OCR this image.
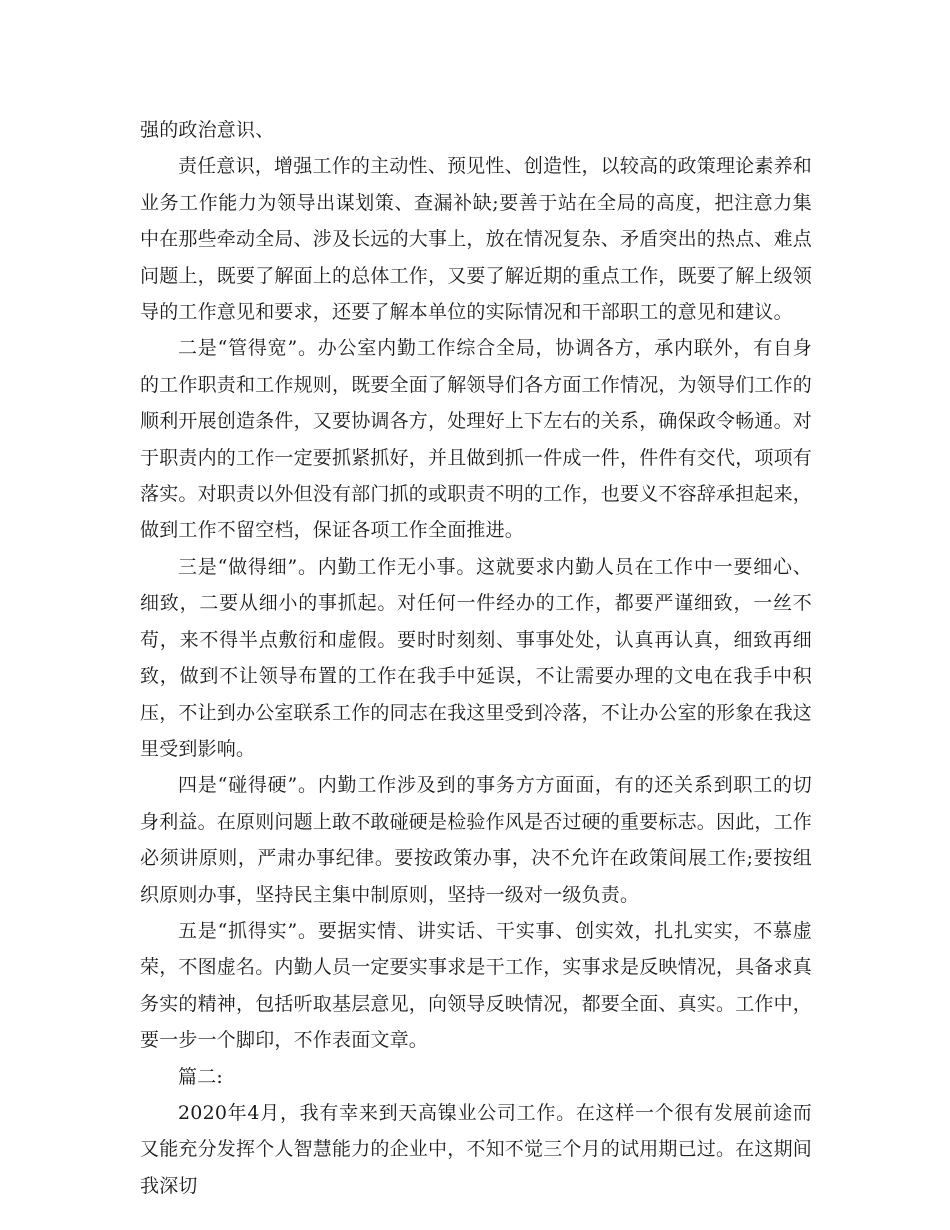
强的政治意识、

责任意识，增强工作的主动性、预见性、创造性，以较高的政策理论素养和业务工作能力为领导出谋划策、查漏补缺;要善于站在全局的高度，把注意力集中在那些牵动全局、涉及长远的大事上，放在情况复杂、矛盾突出的热点、难点问题上，既要了解面上的总体工作，又要了解近期的重点工作，既要了解上级领导的工作意见和要求，还要了解本单位的实际情况和干部职工的意见和建议。

二是“管得宽”。办公室内勤工作综合全局，协调各方，承内联外，有自身的工作职责和工作规则，既要全面了解领导们各方面工作情况，为领导们工作的顺利开展创造条件，又要协调各方，处理好上下左右的关系，确保政令畅通。对于职责内的工作一定要抓紧抓好，并且做到抓一件成一件，件件有交代，项项有落实。对职责以外但没有部门抓的或职责不明的工作，也要义不容辞承担起来，做到工作不留空档，保证各项工作全面推进。

三是“做得细”。内勤工作无小事。这就要求内勤人员在工作中一要细心、细致，二要从细小的事抓起。对任何一件经办的工作，都要严谨细致，一丝不苟，来不得半点敷衍和虚假。要时时刻刻、事事处处，认真再认真，细致再细致，做到不让领导布置的工作在我手中延误，不让需要办理的文电在我手中积压，不让到办公室联系工作的同志在我这里受到冷落，不让办公室的形象在我这里受到影响。

四是“碰得硬”。内勤工作涉及到的事务方方面面，有的还关系到职工的切身利益。在原则问题上敢不敢碰硬是检验作风是否过硬的重要标志。因此，工作必须讲原则，严肃办事纪律。要按政策办事，决不允许在政策间展工作;要按组织原则办事，坚持民主集中制原则，坚持一级对一级负责。

五是“抓得实”。要据实情、讲实话、干实事、创实效，扎扎实实，不慕虚荣，不图虚名。内勤人员一定要实事求是干工作，实事求是反映情况，具备求真务实的精神，包括听取基层意见，向领导反映情况，都要全面、真实。工作中，要一步一个脚印，不作表面文章。

篇二:

2020年4月，我有幸来到天高镍业公司工作。在这样一个很有发展前途而又能充分发挥个人智慧能力的企业中，不知不觉三个月的试用期已过。在这期间我深切
